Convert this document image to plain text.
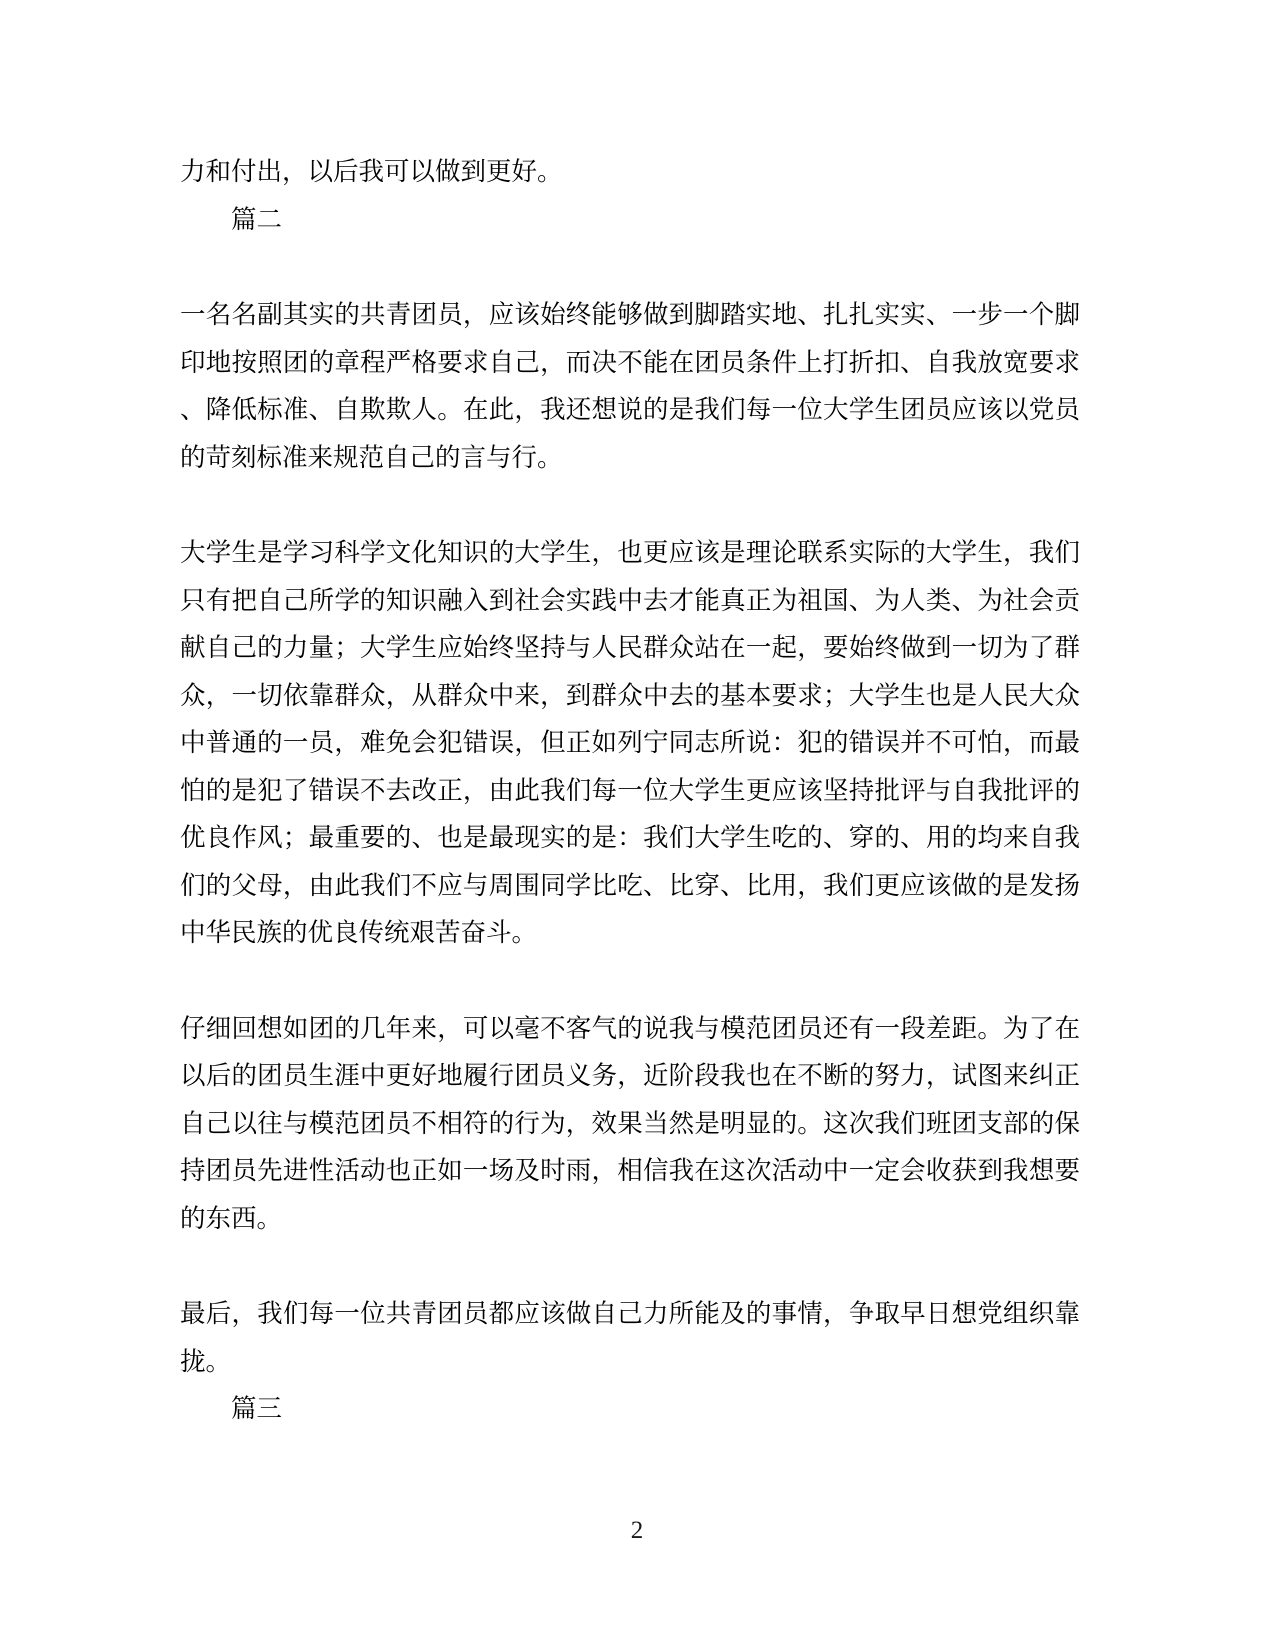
力和付出，以后我可以做到更好。

篇二

一名名副其实的共青团员，应该始终能够做到脚踏实地、扎扎实实、一步一个脚印地按照团的章程严格要求自己，而决不能在团员条件上打折扣、自我放宽要求、降低标准、自欺欺人。在此，我还想说的是我们每一位大学生团员应该以党员的苛刻标准来规范自己的言与行。

大学生是学习科学文化知识的大学生，也更应该是理论联系实际的大学生，我们只有把自己所学的知识融入到社会实践中去才能真正为祖国、为人类、为社会贡献自己的力量；大学生应始终坚持与人民群众站在一起，要始终做到一切为了群众，一切依靠群众，从群众中来，到群众中去的基本要求；大学生也是人民大众中普通的一员，难免会犯错误，但正如列宁同志所说：犯的错误并不可怕，而最怕的是犯了错误不去改正，由此我们每一位大学生更应该坚持批评与自我批评的优良作风；最重要的、也是最现实的是：我们大学生吃的、穿的、用的均来自我们的父母，由此我们不应与周围同学比吃、比穿、比用，我们更应该做的是发扬中华民族的优良传统艰苦奋斗。

仔细回想如团的几年来，可以毫不客气的说我与模范团员还有一段差距。为了在以后的团员生涯中更好地履行团员义务，近阶段我也在不断的努力，试图来纠正自己以往与模范团员不相符的行为，效果当然是明显的。这次我们班团支部的保持团员先进性活动也正如一场及时雨，相信我在这次活动中一定会收获到我想要的东西。

最后，我们每一位共青团员都应该做自己力所能及的事情，争取早日想党组织靠拢。

篇三

2
